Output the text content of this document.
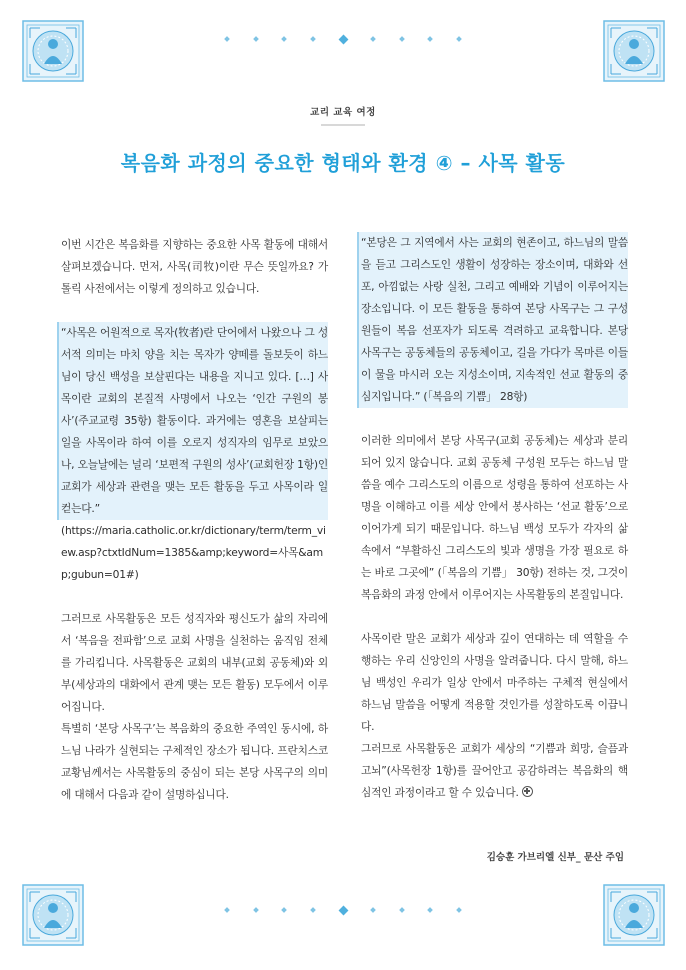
교리 교육 여정
복음화 과정의 중요한 형태와 환경 ④ – 사목 활동

이번 시간은 복음화를 지향하는 중요한 사목 활동에 대해서 살펴보겠습니다. 먼저, 사목(司牧)이란 무슨 뜻일까요? 가톨릭 사전에서는 이렇게 정의하고 있습니다.

“사목은 어원적으로 목자(牧者)란 단어에서 나왔으나 그 성서적 의미는 마치 양을 치는 목자가 양떼를 돌보듯이 하느님이 당신 백성을 보살핀다는 내용을 지니고 있다. […] 사목이란 교회의 본질적 사명에서 나오는 ‘인간 구원의 봉사’(주교교령 35항) 활동이다. 과거에는 영혼을 보살피는 일을 사목이라 하여 이를 오로지 성직자의 임무로 보았으나, 오늘날에는 널리 ‘보편적 구원의 성사’(교회헌장 1항)인 교회가 세상과 관련을 맺는 모든 활동을 두고 사목이라 일컫는다.”

(https://maria.catholic.or.kr/dictionary/term/term_view.asp?ctxtIdNum=1385&amp;keyword=사목&amp;gubun=01#)

그러므로 사목활동은 모든 성직자와 평신도가 삶의 자리에서 ‘복음을 전파함’으로 교회 사명을 실천하는 움직임 전체를 가리킵니다. 사목활동은 교회의 내부(교회 공동체)와 외부(세상과의 대화에서 관계 맺는 모든 활동) 모두에서 이루어집니다.

특별히 ‘본당 사목구’는 복음화의 중요한 주역인 동시에, 하느님 나라가 실현되는 구체적인 장소가 됩니다. 프란치스코 교황님께서는 사목활동의 중심이 되는 본당 사목구의 의미에 대해서 다음과 같이 설명하십니다.

“본당은 그 지역에서 사는 교회의 현존이고, 하느님의 말씀을 듣고 그리스도인 생활이 성장하는 장소이며, 대화와 선포, 아낌없는 사랑 실천, 그리고 예배와 기념이 이루어지는 장소입니다. 이 모든 활동을 통하여 본당 사목구는 그 구성원들이 복음 선포자가 되도록 격려하고 교육합니다. 본당 사목구는 공동체들의 공동체이고, 길을 가다가 목마른 이들이 물을 마시러 오는 지성소이며, 지속적인 선교 활동의 중심지입니다.” (「복음의 기쁨」 28항)

이러한 의미에서 본당 사목구(교회 공동체)는 세상과 분리되어 있지 않습니다. 교회 공동체 구성원 모두는 하느님 말씀을 예수 그리스도의 이름으로 성령을 통하여 선포하는 사명을 이해하고 이를 세상 안에서 봉사하는 ‘선교 활동’으로 이어가게 되기 때문입니다. 하느님 백성 모두가 각자의 삶 속에서 “부활하신 그리스도의 빛과 생명을 가장 필요로 하는 바로 그곳에” (「복음의 기쁨」 30항) 전하는 것, 그것이 복음화의 과정 안에서 이루어지는 사목활동의 본질입니다.

사목이란 말은 교회가 세상과 깊이 연대하는 데 역할을 수행하는 우리 신앙인의 사명을 알려줍니다. 다시 말해, 하느님 백성인 우리가 일상 안에서 마주하는 구체적 현실에서 하느님 말씀을 어떻게 적용할 것인가를 성찰하도록 이끕니다.

그러므로 사목활동은 교회가 세상의 “기쁨과 희망, 슬픔과 고뇌”(사목헌장 1항)를 끌어안고 공감하려는 복음화의 핵심적인 과정이라고 할 수 있습니다.

김승훈 가브리엘 신부_ 문산 주임
